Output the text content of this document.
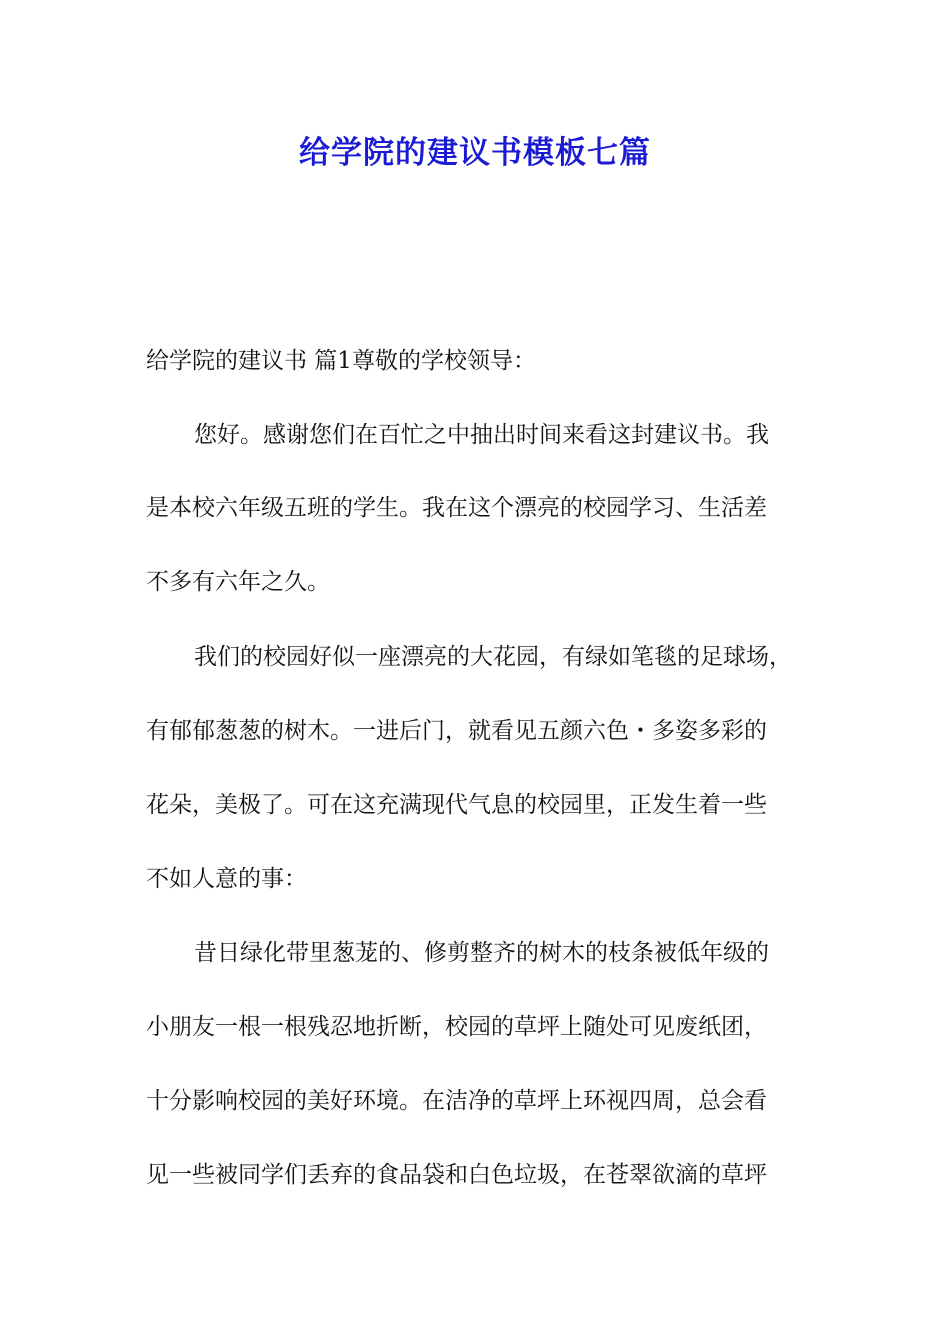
给学院的建议书模板七篇
给学院的建议书 篇1尊敬的学校领导：
您好。感谢您们在百忙之中抽出时间来看这封建议书。我
是本校六年级五班的学生。我在这个漂亮的校园学习、生活差
不多有六年之久。
我们的校园好似一座漂亮的大花园，有绿如笔毯的足球场，
有郁郁葱葱的树木。一进后门，就看见五颜六色・多姿多彩的
花朵，美极了。可在这充满现代气息的校园里，正发生着一些
不如人意的事：
昔日绿化带里葱茏的、修剪整齐的树木的枝条被低年级的
小朋友一根一根残忍地折断，校园的草坪上随处可见废纸团，
十分影响校园的美好环境。在洁净的草坪上环视四周，总会看
见一些被同学们丢弃的食品袋和白色垃圾，在苍翠欲滴的草坪
